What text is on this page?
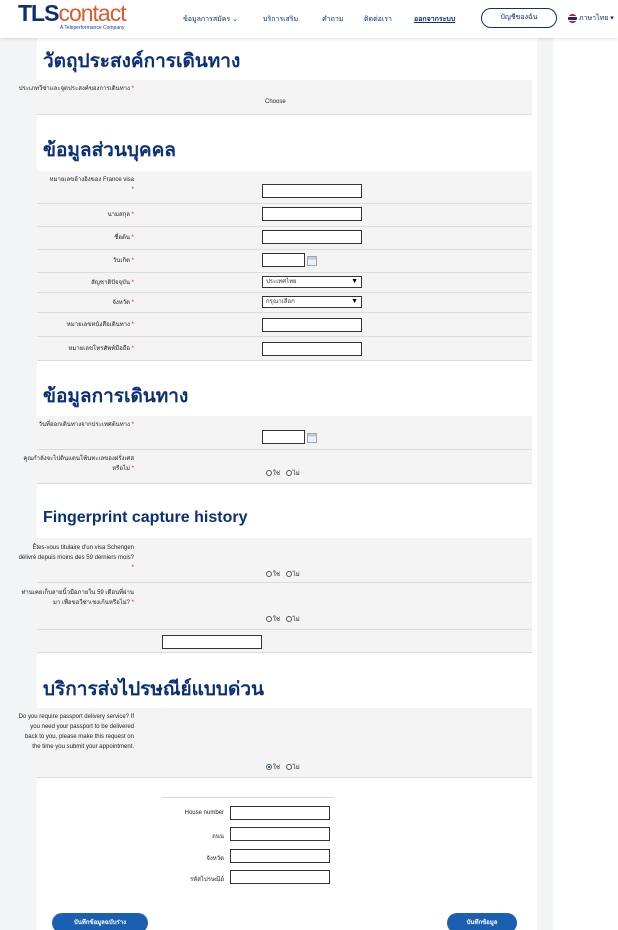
TLScontact
A Teleperformance Company
ข้อมูลการสมัคร ⌄	บริการเสริม	คำถาม	ติดต่อเรา	ออกจากระบบ	บัญชีของฉัน	ภาษาไทย ▾
วัตถุประสงค์การเดินทาง
ประเภทวีซ่าและจุดประสงค์ของการเดินทาง *
Choose
ข้อมูลส่วนบุคคล
หมายเลขอ้างอิงของ France visa
*
นามสกุล *
ชื่อต้น *
วันเกิด *
สัญชาติปัจจุบัน *	ประเทศไทย	▼
จังหวัด *	กรุณาเลือก	▼
หมายเลขหนังสือเดินทาง *
หมายเลขโทรศัพท์มือถือ *
ข้อมูลการเดินทาง
วันที่ออกเดินทางจากประเทศต้นทาง *
คุณกำลังจะไปดินแดนโพ้นทะเลของฝรั่งเศสหรือไม่ *
ใช่ ไม่
Fingerprint capture history
Êtes-vous titulaire d'un visa Schengen délivré depuis moins des 59 derniers mois? *
ใช่ ไม่
ท่านเคยเก็บลายนิ้วมือภายใน 59 เดือนที่ผ่านมา เพื่อขอวีซ่าเชงเก้นหรือไม่? *
ใช่ ไม่
บริการส่งไปรษณีย์แบบด่วน
Do you require passport delivery service? If you need your passport to be delivered back to you, please make this request on the time you submit your appointment.
ใช่ ไม่
House number
ถนน
จังหวัด
รหัสไปรษณีย์
บันทึกข้อมูลฉบับร่าง	บันทึกข้อมูล
